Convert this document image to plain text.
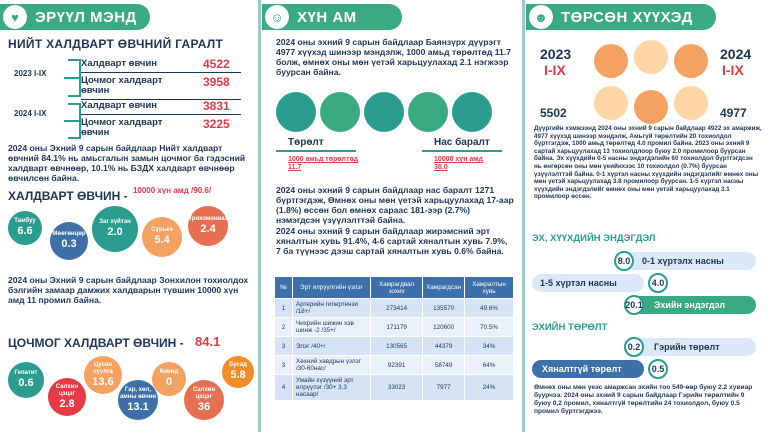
♥	ЭРҮҮЛ МЭНД
НИЙТ ХАЛДВАРТ ӨВЧНИЙ ГАРАЛТ
2023 I-IX
Халдварт өвчин	4522
Цочмог халдварт өвчин
3958
2024 I-IX
Халдварт өвчин	3831
Цочмог халдварт өвчин
3225
2024 оны Эхний 9 сарын байдлаар Нийт халдварт өвчний 84.1% нь амьсгалын замын цочмог ба гэдэсний халдварт өвчнөөр, 10.1% нь БЗДХ халдварт өвчнөөр өвчилсөн байна.
ХАЛДВАРТ ӨВЧИН - 10000 хүн амд /90.6/
Тамбуу
6.6	Мөөгөнцөр
0.3
Заг хүйтэн
2.0	Сүрьеэ
5.4
Трихомониаз
2.4
2024 оны Эхний 9 сарын байдлаар Зонхилон тохиолдох бэлгийн замаар дамжих халдварын түвшин 10000 хүн амд 11 промил байна.
ЦОЧМОГ ХАЛДВАРТ ӨВЧИН - 84.1
Гепатит
0.6	Салхин цэцэг
2.8
Цусан суулга
13.6
Гар, хөл, амны өвчин
13.1
Ковид
0
Салхин цэцэг
36
Бусад
5.8
☺ ХҮН АМ
2024 оны эхний 9 сарын байдлаар Баянзүрх дүүрэгт 4977 хүүхэд шинээр мэндэлж, 1000 амьд төрөлтөд 11.7 болж, өмнөх оны мөн үетэй харьцуулахад 2.1 нэгжээр буурсан байна.
Төрөлт
1000 амьд төрөлтөд 11.7
Нас баралт
10000 хүн амд 30.0
2024 оны эхний 9 сарын байдлаар нас баралт 1271 бүртгэгдэж, Өмнөх оны мөн үетэй харьцуулахад 17-аар (1.8%) өссөн бол өмнөх сараас 181-ээр (2.7%) нэмэгдсэн үзүүлэлттэй байна.
2024 оны эхний 9 сарын байдлаар жирэмсний эрт хяналтын хувь 91.4%, 4-6 сартай хяналтын хувь 7.9%, 7 ба түүнээс дээш сартай хяналтын хувь 0.6% байна.
№	Эрт илрүүлгийн үзлэг	Хамрагдвал зохих	Хамрагдсан	Хамралтын хувь
1	Артерийн гипертензи /18+/	273414	135570	49.6%
2	Чихрийн шижин хэв шинж -2 /35+/	171179	120600	70.5%
3	Элэг /40+/	130565	44379	34%
3	Хөхний хавдрын үзлэг /30-60нас/	92391	58749	64%
4	Умайн хүзүүний эрт илрүүлэг /30+ 3,3 насаар/	33023	7977	24%
☻ ТӨРСӨН ХҮҮХЭД
2023
I-IX
2024
I-IX
5502	4977
Дүүргийн хэмжээнд 2024 оны эхний 9 сарын байдлаар 4922 эх амаржиж, 4977 хүүхэд шинээр мэндэлж, Амьгүй төрөлтийн 20 тохиолдол бүртгэгдэж, 1000 амьд төрөлтөд 4.0 промил байна. 2023 оны эхний 9 сартай харьцуулахад 13 тохиолдлоор буюу 2.0 промилоор буурсан байна. Эх хүүхдийн 0-5 насны эндэгдэлийн 60 тохиолдол бүртгэгдсэн нь өнгөрсөн оны мөн үеийнхээс 10 тохиолдол (0.7%) буурсан үзүүлэлттэй байна. 0-1 хүртэл насны хүүхдийн эндэгдэлийг өмнөх оны мөн үетэй харьцуулахад 3.8 промилоор буурсан. 1-5 хүртэл насны хүүхдийн эндэгдэлийг өмнөх оны мөн үетэй харьцуулахад 3.1 промилоор өссөн.
ЭХ, ХҮҮХДИЙН ЭНДЭГДЭЛ
0-1 хүртэлх насны
8.0
1-5 хүртэл насны	4.0
Эхийн эндэгдэл
20.1
ЭХИЙН ТӨРӨЛТ
Гэрийн төрөлт
0.2
Хяналтгүй төрөлт	0.5
Өмнөх оны мөн үеэс амаржсан эхийн тоо 549-өөр буюу 2.2 хувиар буурчээ. 2024 оны эхний 9 сарын байдлаар Гэрийн төрөлтийн 9 буюу 0,2 промил, хяналтгүй төрөлтийн 24 тохиолдол, буюу 0.5 промил бүртгэгджээ.
